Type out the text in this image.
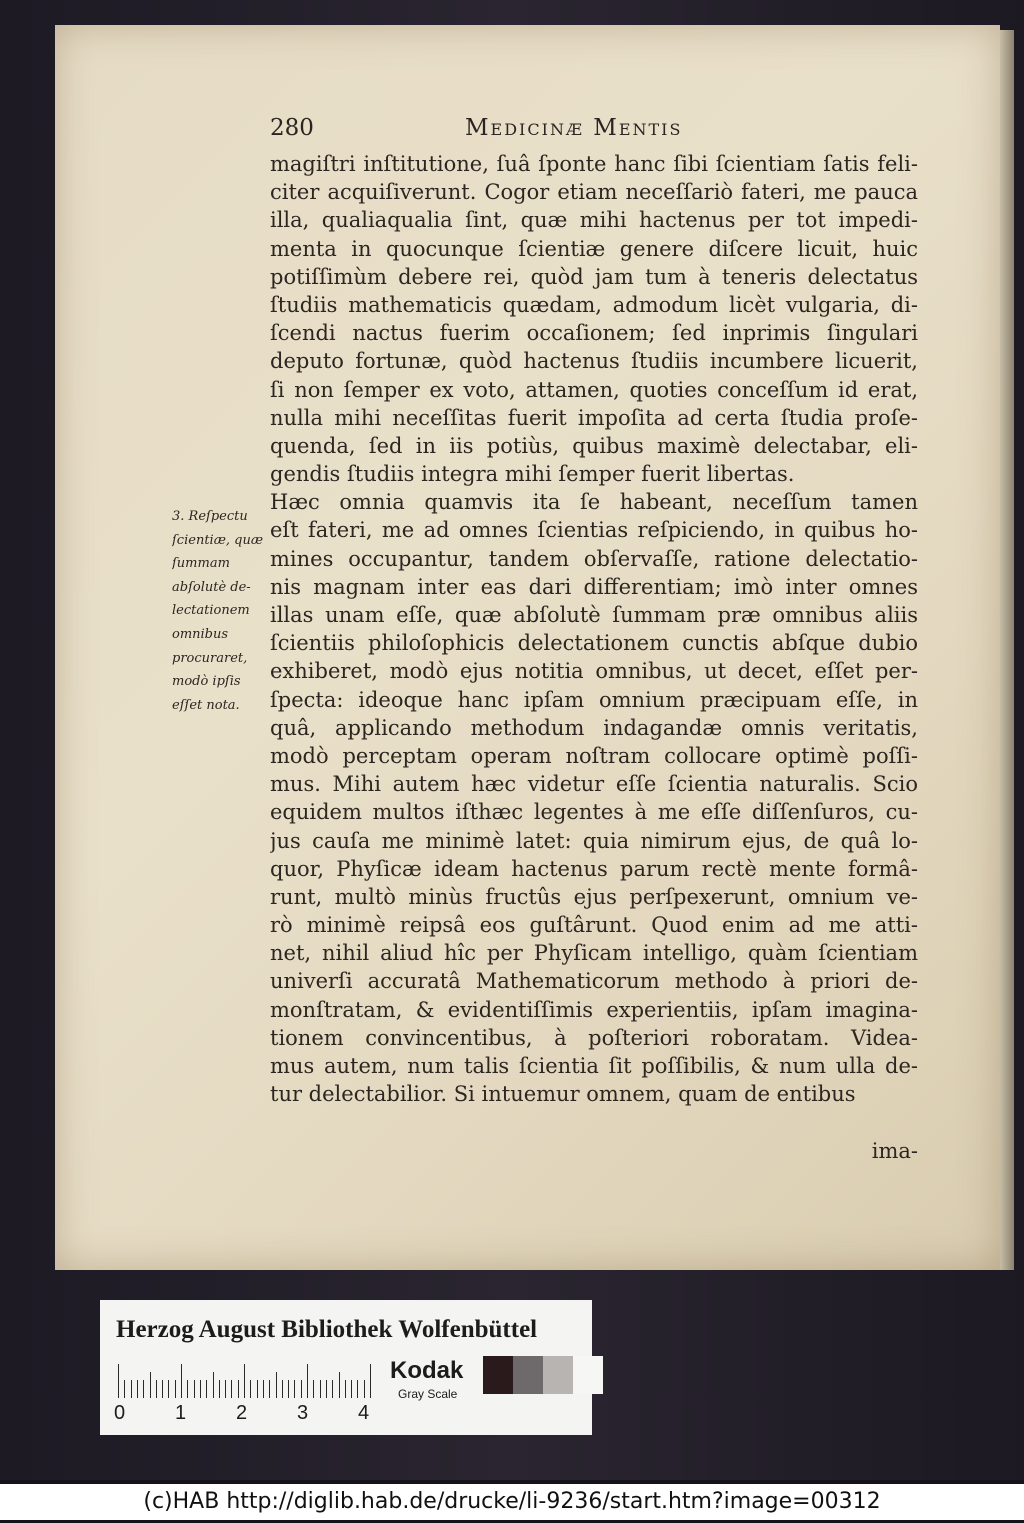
280	Medicinæ Mentis
3. Reſpectu
ſcientiæ, quæ
ſummam
abſolutè de-
lectationem
omnibus
procuraret,
modò ipſis
eſſet nota.
magiſtri inſtitutione, ſuâ ſponte hanc ſibi ſcientiam ſatis feli-
citer acquiſiverunt. Cogor etiam neceſſariò fateri, me pauca
illa, qualiaqualia ſint, quæ mihi hactenus per tot impedi-
menta in quocunque ſcientiæ genere diſcere licuit, huic
potiſſimùm debere rei, quòd jam tum à teneris delectatus
ſtudiis mathematicis quædam, admodum licèt vulgaria, di-
ſcendi nactus fuerim occaſionem; ſed inprimis ſingulari
deputo fortunæ, quòd hactenus ſtudiis incumbere licuerit,
ſi non ſemper ex voto, attamen, quoties conceſſum id erat,
nulla mihi neceſſitas fuerit impoſita ad certa ſtudia proſe-
quenda, ſed in iis potiùs, quibus maximè delectabar, eli-
gendis ſtudiis integra mihi ſemper fuerit libertas.
Hæc omnia quamvis ita ſe habeant, neceſſum tamen
eſt fateri, me ad omnes ſcientias reſpiciendo, in quibus ho-
mines occupantur, tandem obſervaſſe, ratione delectatio-
nis magnam inter eas dari differentiam; imò inter omnes
illas unam eſſe, quæ abſolutè ſummam præ omnibus aliis
ſcientiis philoſophicis delectationem cunctis abſque dubio
exhiberet, modò ejus notitia omnibus, ut decet, eſſet per-
ſpecta: ideoque hanc ipſam omnium præcipuam eſſe, in
quâ, applicando methodum indagandæ omnis veritatis,
modò perceptam operam noſtram collocare optimè poſſi-
mus. Mihi autem hæc videtur eſſe ſcientia naturalis. Scio
equidem multos iſthæc legentes à me eſſe diſſenſuros, cu-
jus cauſa me minimè latet: quia nimirum ejus, de quâ lo-
quor, Phyſicæ ideam hactenus parum rectè mente formâ-
runt, multò minùs fructûs ejus perſpexerunt, omnium ve-
rò minimè reipsâ eos guſtârunt. Quod enim ad me atti-
net, nihil aliud hîc per Phyſicam intelligo, quàm ſcientiam
univerſi accuratâ Mathematicorum methodo à priori de-
monſtratam, & evidentiſſimis experientiis, ipſam imagina-
tionem convincentibus, à poſteriori roboratam. Videa-
mus autem, num talis ſcientia ſit poſſibilis, & num ulla de-
tur delectabilior. Si intuemur omnem, quam de entibus
ima-
Herzog August Bibliothek Wolfenbüttel
0 1 2 3 4
Kodak
Gray Scale
(c)HAB http://diglib.hab.de/drucke/li-9236/start.htm?image=00312
